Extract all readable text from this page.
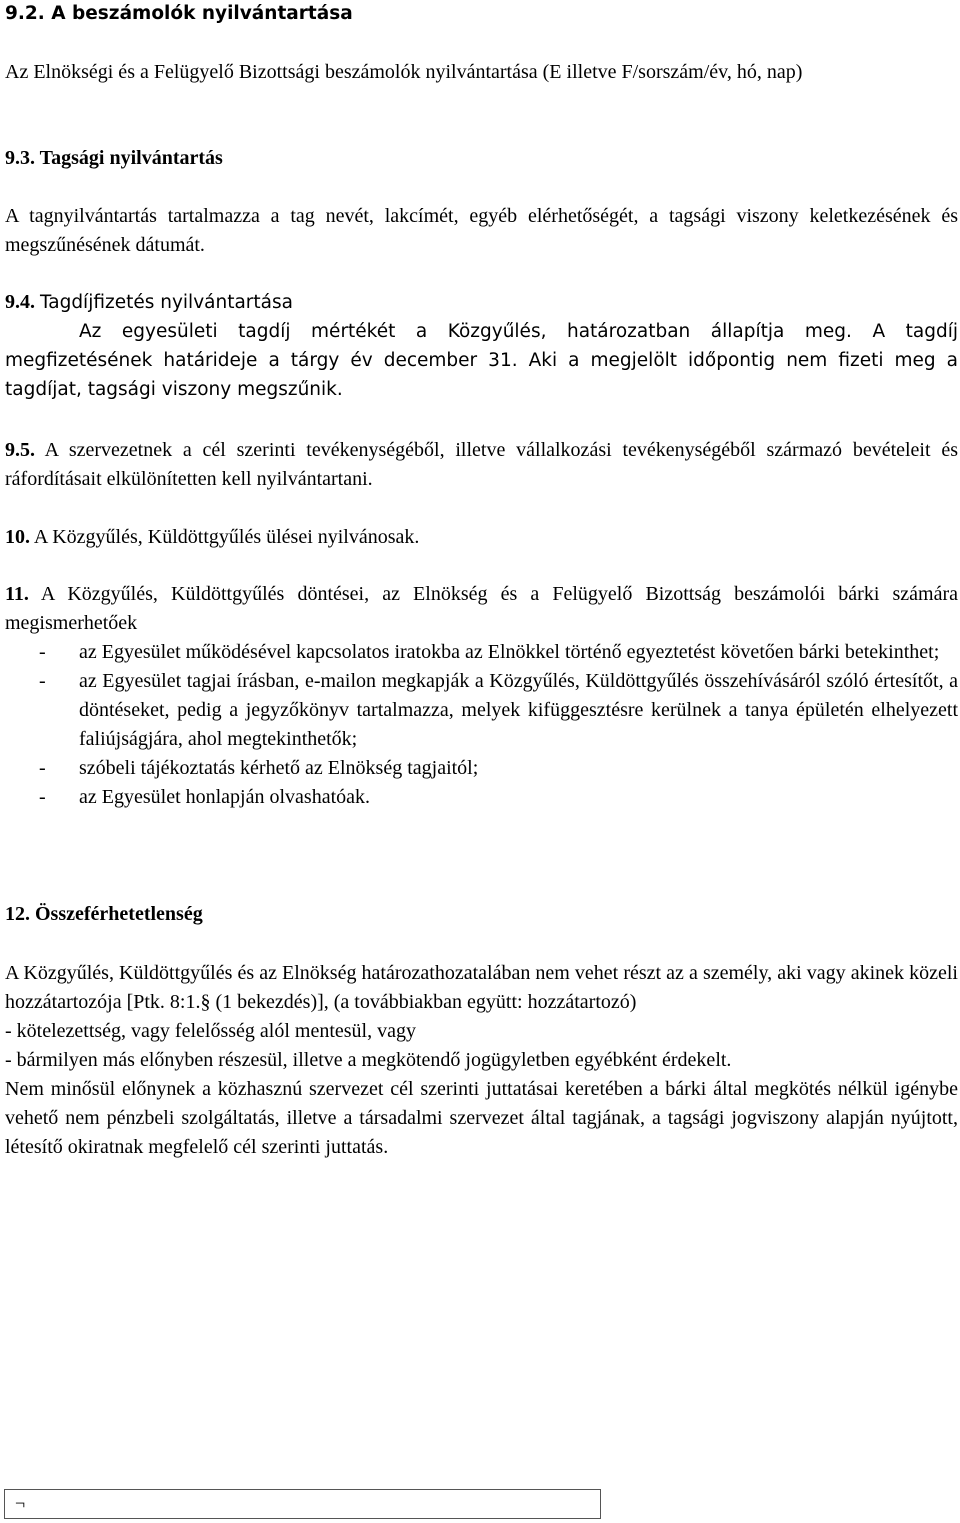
9.2. A beszámolók nyilvántartása

Az Elnökségi és a Felügyelő Bizottsági beszámolók nyilvántartása (E illetve F/sorszám/év, hó, nap)

9.3. Tagsági nyilvántartás

A tagnyilvántartás tartalmazza a tag nevét, lakcímét, egyéb elérhetőségét, a tagsági viszony keletkezésének és megszűnésének dátumát.

9.4. Tagdíjfizetés nyilvántartása

Az egyesületi tagdíj mértékét a Közgyűlés, határozatban állapítja meg. A tagdíj megfizetésének határideje a tárgy év december 31. Aki a megjelölt időpontig nem fizeti meg a tagdíjat, tagsági viszony megszűnik.

9.5. A szervezetnek a cél szerinti tevékenységéből, illetve vállalkozási tevékenységéből származó bevételeit és ráfordításait elkülönítetten kell nyilvántartani.

10. A Közgyűlés, Küldöttgyűlés ülései nyilvánosak.

11. A Közgyűlés, Küldöttgyűlés döntései, az Elnökség és a Felügyelő Bizottság beszámolói bárki számára megismerhetőek

- az Egyesület működésével kapcsolatos iratokba az Elnökkel történő egyeztetést követően bárki betekinthet;
- az Egyesület tagjai írásban, e-mailon megkapják a Közgyűlés, Küldöttgyűlés összehívásáról szóló értesítőt, a döntéseket, pedig a jegyzőkönyv tartalmazza, melyek kifüggesztésre kerülnek a tanya épületén elhelyezett faliújságjára, ahol megtekinthetők;
- szóbeli tájékoztatás kérhető az Elnökség tagjaitól;
- az Egyesület honlapján olvashatóak.

12. Összeférhetetlenség

A Közgyűlés, Küldöttgyűlés és az Elnökség határozathozatalában nem vehet részt az a személy, aki vagy akinek közeli hozzátartozója [Ptk. 8:1.§ (1 bekezdés)], (a továbbiakban együtt: hozzátartozó)

- kötelezettség, vagy felelősség alól mentesül, vagy

- bármilyen más előnyben részesül, illetve a megkötendő jogügyletben egyébként érdekelt.

Nem minősül előnynek a közhasznú szervezet cél szerinti juttatásai keretében a bárki által megkötés nélkül igénybe vehető nem pénzbeli szolgáltatás, illetve a társadalmi szervezet által tagjának, a tagsági jogviszony alapján nyújtott, létesítő okiratnak megfelelő cél szerinti juttatás.

¬
